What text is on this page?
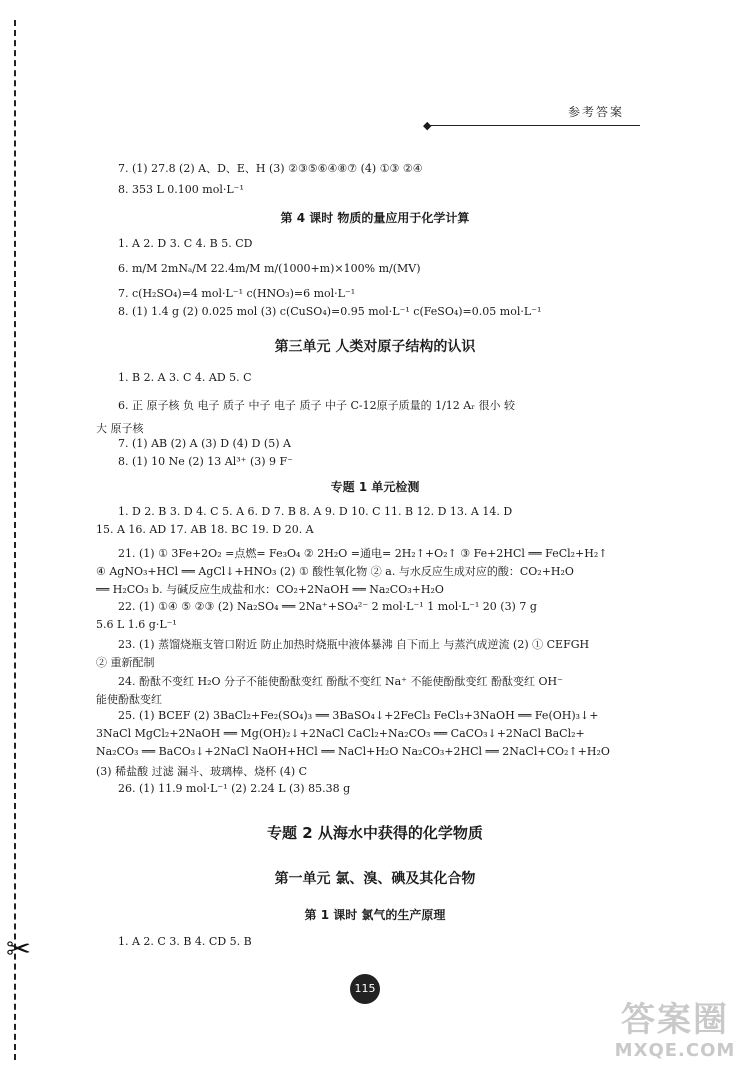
✂
◆
参考答案
7. (1) 27.8 (2) A、D、E、H (3) ②③⑤⑥④⑧⑦ (4) ①③ ②④
8. 353 L 0.100 mol·L⁻¹
第 4 课时 物质的量应用于化学计算
1. A 2. D 3. C 4. B 5. CD
6. m/M 2mNₐ/M 22.4m/M m/(1000+m)×100% m/(MV)
7. c(H₂SO₄)=4 mol·L⁻¹ c(HNO₃)=6 mol·L⁻¹
8. (1) 1.4 g (2) 0.025 mol (3) c(CuSO₄)=0.95 mol·L⁻¹ c(FeSO₄)=0.05 mol·L⁻¹
第三单元 人类对原子结构的认识
1. B 2. A 3. C 4. AD 5. C
6. 正 原子核 负 电子 质子 中子 电子 质子 中子 C-12原子质量的 1/12 Aᵣ 很小 较
大 原子核
7. (1) AB (2) A (3) D (4) D (5) A
8. (1) 10 Ne (2) 13 Al³⁺ (3) 9 F⁻
专题 1 单元检测
1. D 2. B 3. D 4. C 5. A 6. D 7. B 8. A 9. D 10. C 11. B 12. D 13. A 14. D
15. A 16. AD 17. AB 18. BC 19. D 20. A
21. (1) ① 3Fe+2O₂ =点燃= Fe₃O₄ ② 2H₂O =通电= 2H₂↑+O₂↑ ③ Fe+2HCl ══ FeCl₂+H₂↑
④ AgNO₃+HCl ══ AgCl↓+HNO₃ (2) ① 酸性氧化物 ② a. 与水反应生成对应的酸：CO₂+H₂O
══ H₂CO₃ b. 与碱反应生成盐和水：CO₂+2NaOH ══ Na₂CO₃+H₂O
22. (1) ①④ ⑤ ②③ (2) Na₂SO₄ ══ 2Na⁺+SO₄²⁻ 2 mol·L⁻¹ 1 mol·L⁻¹ 20 (3) 7 g
5.6 L 1.6 g·L⁻¹
23. (1) 蒸馏烧瓶支管口附近 防止加热时烧瓶中液体暴沸 自下而上 与蒸汽成逆流 (2) ① CEFGH
② 重新配制
24. 酚酞不变红 H₂O 分子不能使酚酞变红 酚酞不变红 Na⁺ 不能使酚酞变红 酚酞变红 OH⁻
能使酚酞变红
25. (1) BCEF (2) 3BaCl₂+Fe₂(SO₄)₃ ══ 3BaSO₄↓+2FeCl₃ FeCl₃+3NaOH ══ Fe(OH)₃↓+
3NaCl MgCl₂+2NaOH ══ Mg(OH)₂↓+2NaCl CaCl₂+Na₂CO₃ ══ CaCO₃↓+2NaCl BaCl₂+
Na₂CO₃ ══ BaCO₃↓+2NaCl NaOH+HCl ══ NaCl+H₂O Na₂CO₃+2HCl ══ 2NaCl+CO₂↑+H₂O
(3) 稀盐酸 过滤 漏斗、玻璃棒、烧杯 (4) C
26. (1) 11.9 mol·L⁻¹ (2) 2.24 L (3) 85.38 g
专题 2 从海水中获得的化学物质
第一单元 氯、溴、碘及其化合物
第 1 课时 氯气的生产原理
1. A 2. C 3. B 4. CD 5. B
115
答案圈
MXQE.COM
